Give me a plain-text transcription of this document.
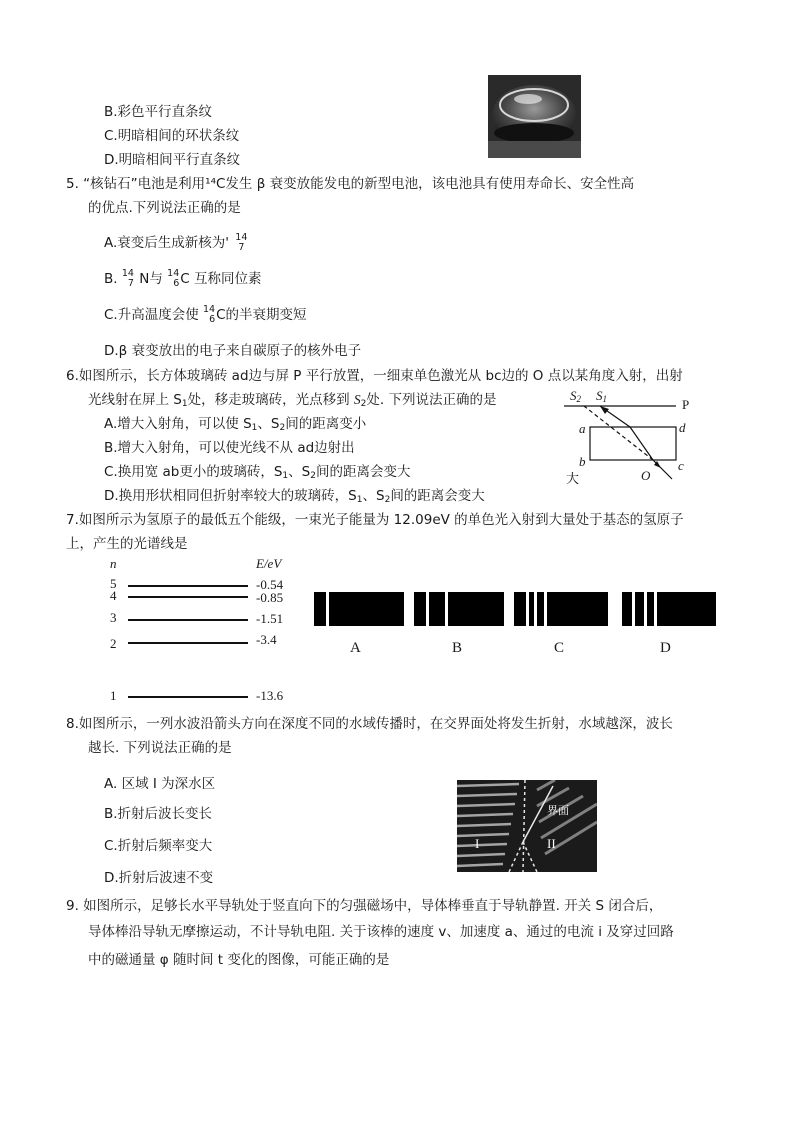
B.彩色平行直条纹
C.明暗相间的环状条纹
D.明暗相间平行直条纹
5. “核钻石”电池是利用¹⁴C发生 β 衰变放能发电的新型电池，该电池具有使用寿命长、安全性高
的优点.下列说法正确的是
A.衰变后生成新核为' 14
7
B. 14
7 N与 14
6 C 互称同位素
C.升高温度会使 14
6 C的半衰期变短
D.β 衰变放出的电子来自碳原子的核外电子
6.如图所示，长方体玻璃砖 ad边与屏 P 平行放置，一细束单色激光从 bc边的 O 点以某角度入射，出射
光线射在屏上 $S_1$处，移走玻璃砖，光点移到 $S_2$处. 下列说法正确的是
A.增大入射角，可以使 $S_1$、$S_2$间的距离变小
B.增大入射角，可以使光线不从 ad边射出
C.换用宽 ab更小的玻璃砖，$S_1$、$S_2$间的距离会变大
D.换用形状相同但折射率较大的玻璃砖，$S_1$、$S_2$间的距离会变大
$S_2$ $S_1$	P
a	d
b	c
O
大
7.如图所示为氢原子的最低五个能级，一束光子能量为 12.09eV 的单色光入射到大量处于基态的氢原子
上，产生的光谱线是
n	E/eV
5	-0.54
4	-0.85
3	-1.51
2	-3.4
1	-13.6
A	B	C	D
8.如图所示，一列水波沿箭头方向在深度不同的水域传播时，在交界面处将发生折射，水域越深，波长
越长. 下列说法正确的是
A. 区域 I 为深水区
B.折射后波长变长
C.折射后频率变大
D.折射后波速不变
界面
I	II
9. 如图所示，足够长水平导轨处于竖直向下的匀强磁场中，导体棒垂直于导轨静置. 开关 S 闭合后，
导体棒沿导轨无摩擦运动，不计导轨电阻. 关于该棒的速度 v、加速度 a、通过的电流 i 及穿过回路
中的磁通量 φ 随时间 t 变化的图像，可能正确的是
